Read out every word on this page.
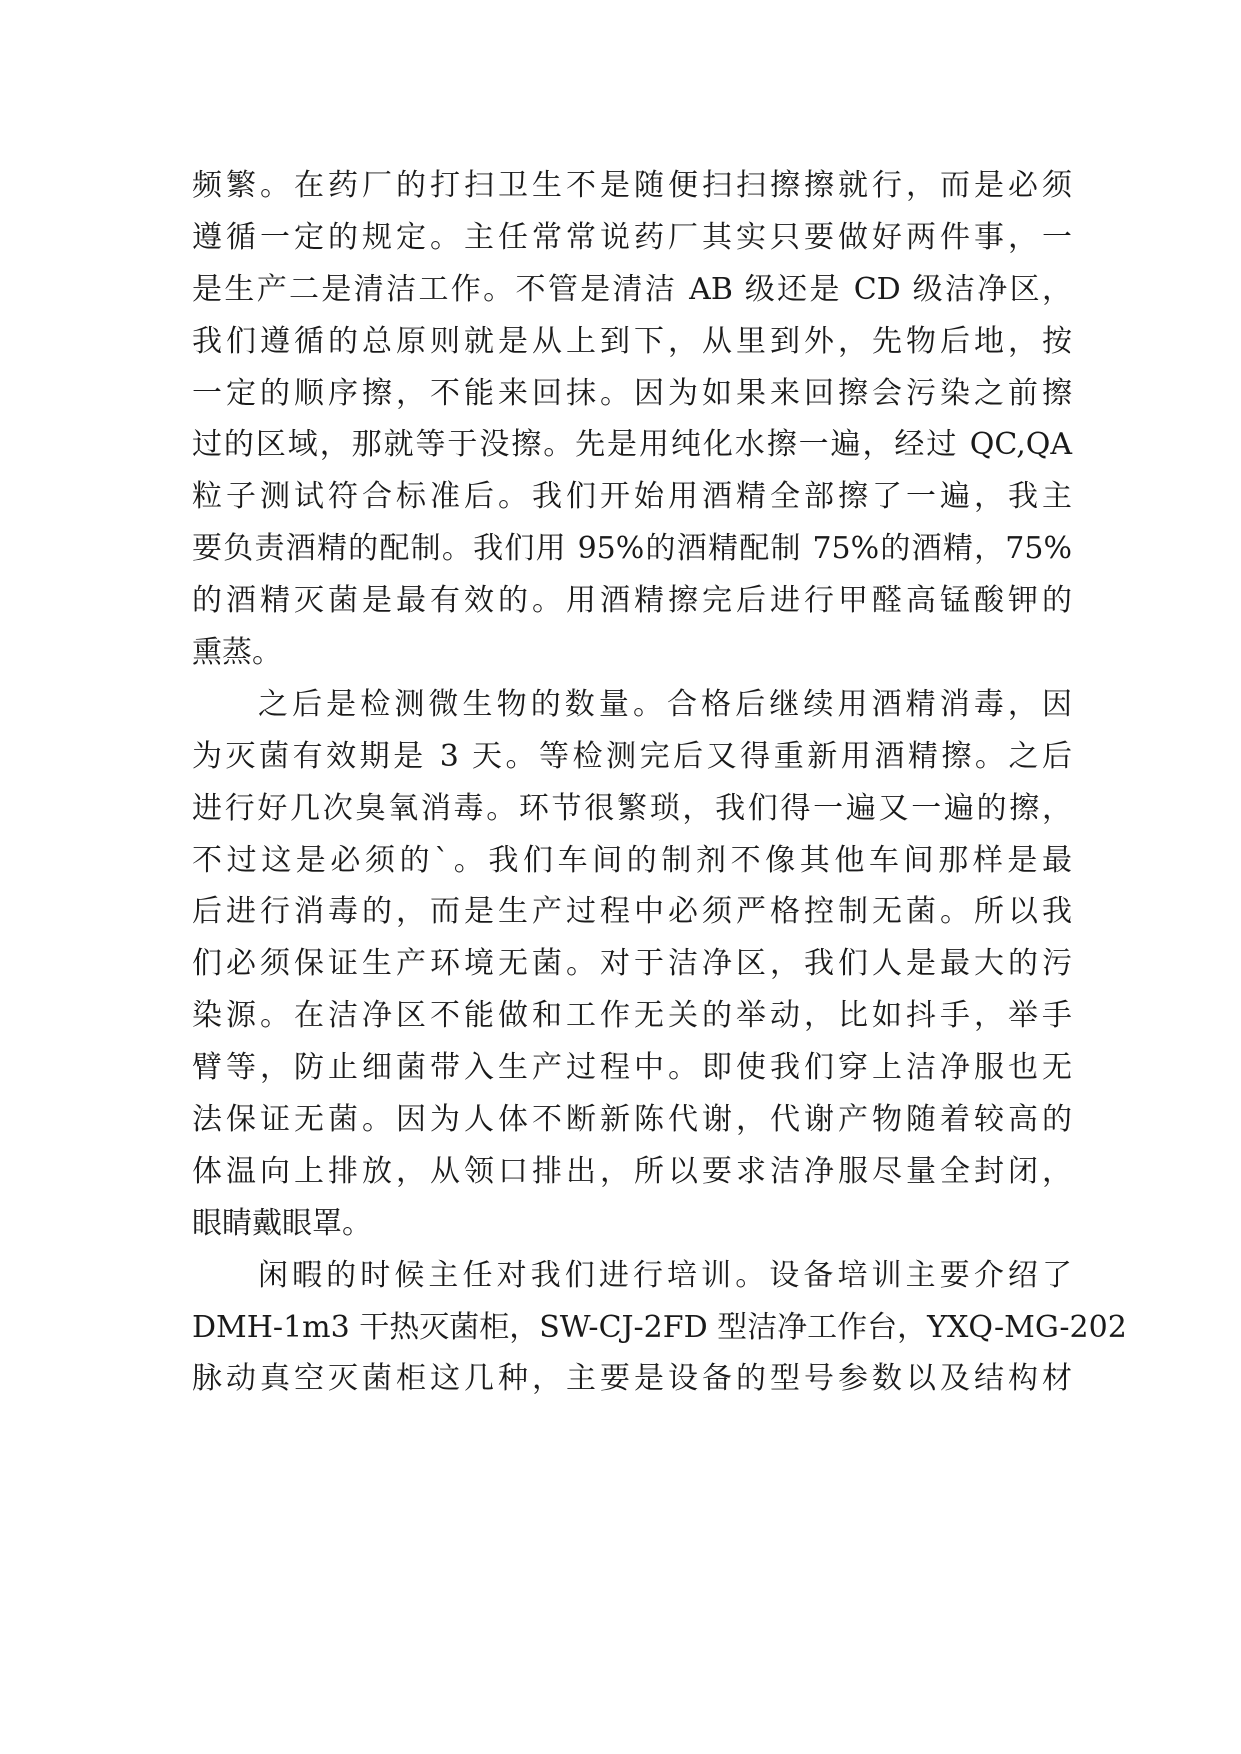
频繁。在药厂的打扫卫生不是随便扫扫擦擦就行，而是必须
遵循一定的规定。主任常常说药厂其实只要做好两件事，一
是生产二是清洁工作。不管是清洁 AB 级还是 CD 级洁净区，
我们遵循的总原则就是从上到下，从里到外，先物后地，按
一定的顺序擦，不能来回抹。因为如果来回擦会污染之前擦
过的区域，那就等于没擦。先是用纯化水擦一遍，经过 QC,QA
粒子测试符合标准后。我们开始用酒精全部擦了一遍，我主
要负责酒精的配制。我们用 95%的酒精配制 75%的酒精，75%
的酒精灭菌是最有效的。用酒精擦完后进行甲醛高锰酸钾的
熏蒸。
之后是检测微生物的数量。合格后继续用酒精消毒，因
为灭菌有效期是 3 天。等检测完后又得重新用酒精擦。之后
进行好几次臭氧消毒。环节很繁琐，我们得一遍又一遍的擦，
不过这是必须的`。我们车间的制剂不像其他车间那样是最
后进行消毒的，而是生产过程中必须严格控制无菌。所以我
们必须保证生产环境无菌。对于洁净区，我们人是最大的污
染源。在洁净区不能做和工作无关的举动，比如抖手，举手
臂等，防止细菌带入生产过程中。即使我们穿上洁净服也无
法保证无菌。因为人体不断新陈代谢，代谢产物随着较高的
体温向上排放，从领口排出，所以要求洁净服尽量全封闭，
眼睛戴眼罩。
闲暇的时候主任对我们进行培训。设备培训主要介绍了
DMH-1m3 干热灭菌柜，SW-CJ-2FD 型洁净工作台，YXQ-MG-202
脉动真空灭菌柜这几种，主要是设备的型号参数以及结构材
